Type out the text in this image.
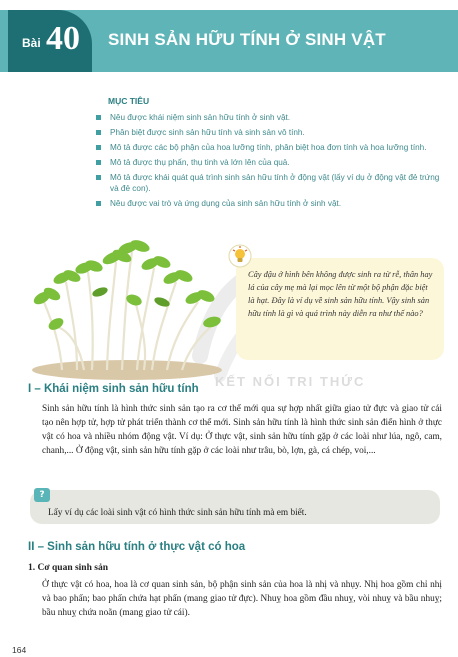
Bài 40 SINH SẢN HỮU TÍNH Ở SINH VẬT
MỤC TIÊU
Nêu được khái niệm sinh sản hữu tính ở sinh vật.
Phân biệt được sinh sản hữu tính và sinh sản vô tính.
Mô tả được các bộ phận của hoa lưỡng tính, phân biệt hoa đơn tính và hoa lưỡng tính.
Mô tả được thụ phấn, thụ tinh và lớn lên của quả.
Mô tả được khái quát quá trình sinh sản hữu tính ở động vật (lấy ví dụ ở động vật đẻ trứng và đẻ con).
Nêu được vai trò và ứng dụng của sinh sản hữu tính ở sinh vật.
Cây đậu ở hình bên không được sinh ra từ rễ, thân hay lá của cây mẹ mà lại mọc lên từ một bộ phận đặc biệt là hạt. Đây là ví dụ về sinh sản hữu tính. Vậy sinh sản hữu tính là gì và quá trình này diễn ra như thế nào?
KẾT NỐI TRI THỨC
I – Khái niệm sinh sản hữu tính
Sinh sản hữu tính là hình thức sinh sản tạo ra cơ thể mới qua sự hợp nhất giữa giao tử đực và giao tử cái tạo nên hợp tử, hợp tử phát triển thành cơ thể mới. Sinh sản hữu tính là hình thức sinh sản điển hình ở thực vật có hoa và nhiều nhóm động vật. Ví dụ: Ở thực vật, sinh sản hữu tính gặp ở các loài như lúa, ngô, cam, chanh,... Ở động vật, sinh sản hữu tính gặp ở các loài như trâu, bò, lợn, gà, cá chép, voi,...
?
Lấy ví dụ các loài sinh vật có hình thức sinh sản hữu tính mà em biết.
II – Sinh sản hữu tính ở thực vật có hoa
1. Cơ quan sinh sản
Ở thực vật có hoa, hoa là cơ quan sinh sản, bộ phận sinh sản của hoa là nhị và nhụy. Nhị hoa gồm chỉ nhị và bao phấn; bao phấn chứa hạt phấn (mang giao tử đực). Nhuỵ hoa gồm đầu nhuỵ, vòi nhuỵ và bầu nhuỵ; bầu nhuỵ chứa noãn (mang giao tử cái).
164
